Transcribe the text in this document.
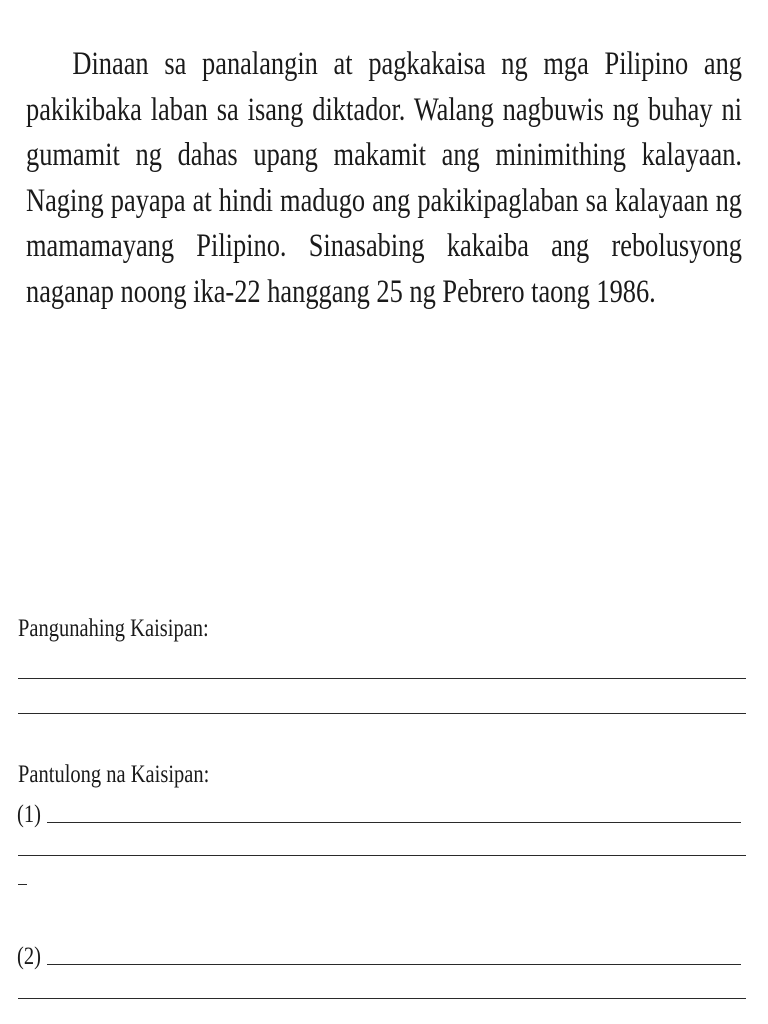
Dinaan sa panalangin at pagkakaisa ng mga Pilipino ang pakikibaka laban sa isang diktador. Walang nagbuwis ng buhay ni gumamit ng dahas upang makamit ang minimithing kalayaan. Naging payapa at hindi madugo ang pakikipaglaban sa kalayaan ng mamamayang Pilipino. Sinasabing kakaiba ang rebolusyong naganap noong ika-22 hanggang 25 ng Pebrero taong 1986.

Pangunahing Kaisipan:
Pantulong na Kaisipan:
(1)
(2)
